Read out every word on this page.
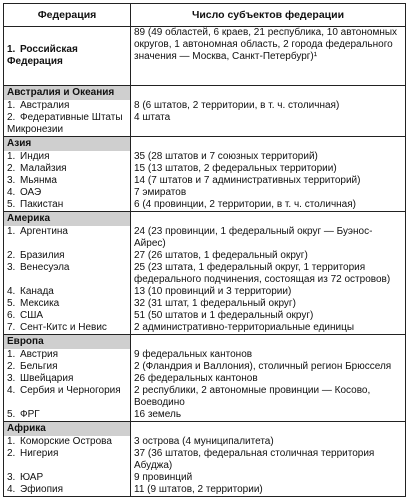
Федерация	Число субъектов федерации
1. Российская Федерация	89 (49 областей, 6 краев, 21 республика, 10 автономных округов, 1 автономная область, 2 города федерального значения — Москва, Санкт-Петербург)¹
Австралия и Океания	
1. Австралия	8 (6 штатов, 2 территории, в т. ч. столичная)
2. Федеративные Штаты Микронезии	4 штата
Азия	
1. Индия	35 (28 штатов и 7 союзных территорий)
2. Малайзия	15 (13 штатов, 2 федеральных территории)
3. Мьянма	14 (7 штатов и 7 административных территорий)
4. ОАЭ	7 эмиратов
5. Пакистан	6 (4 провинции, 2 территории, в т. ч. столичная)
Америка	
1. Аргентина	24 (23 провинции, 1 федеральный округ — Буэнос-Айрес)
2. Бразилия	27 (26 штатов, 1 федеральный округ)
3. Венесуэла	25 (23 штата, 1 федеральный округ, 1 территория федерального подчинения, состоящая из 72 островов)
4. Канада	13 (10 провинций и 3 территории)
5. Мексика	32 (31 штат, 1 федеральный округ)
6. США	51 (50 штатов и 1 федеральный округ)
7. Сент-Китс и Невис	2 административно-территориальные единицы
Европа	
1. Австрия	9 федеральных кантонов
2. Бельгия	2 (Фландрия и Валлония), столичный регион Брюсселя
3. Швейцария	26 федеральных кантонов
4. Сербия и Черногория	2 республики, 2 автономные провинции — Косово, Воеводино
5. ФРГ	16 земель
Африка	
1. Коморские Острова	3 острова (4 муниципалитета)
2. Нигерия	37 (36 штатов, федеральная столичная территория Абуджа)
3. ЮАР	9 провинций
4. Эфиопия	11 (9 штатов, 2 территории)
